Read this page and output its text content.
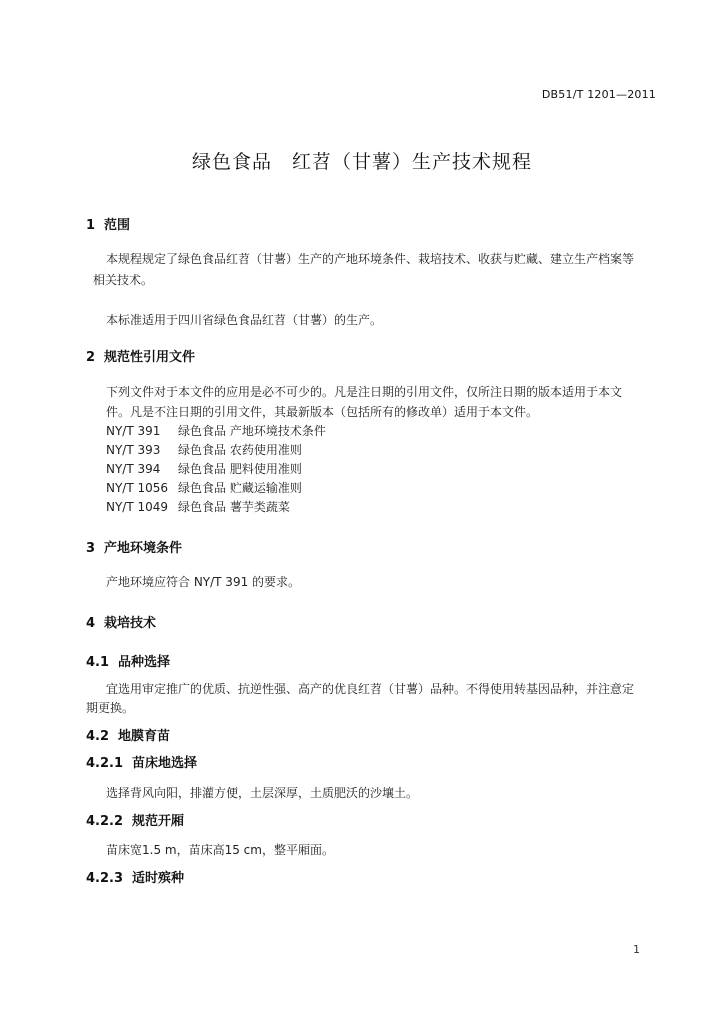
DB51/T 1201—2011
绿色食品　红苕（甘薯）生产技术规程
1 范围
本规程规定了绿色食品红苕（甘薯）生产的产地环境条件、栽培技术、收获与贮藏、建立生产档案等
相关技术。
本标准适用于四川省绿色食品红苕（甘薯）的生产。
2 规范性引用文件
下列文件对于本文件的应用是必不可少的。凡是注日期的引用文件，仅所注日期的版本适用于本文
件。凡是不注日期的引用文件，其最新版本（包括所有的修改单）适用于本文件。
NY/T 391 绿色食品 产地环境技术条件
NY/T 393 绿色食品 农药使用准则
NY/T 394 绿色食品 肥料使用准则
NY/T 1056 绿色食品 贮藏运输准则
NY/T 1049 绿色食品 薯芋类蔬菜
3 产地环境条件
产地环境应符合 NY/T 391 的要求。
4 栽培技术
4.1 品种选择
宜选用审定推广的优质、抗逆性强、高产的优良红苕（甘薯）品种。不得使用转基因品种，并注意定
期更换。
4.2 地膜育苗
4.2.1 苗床地选择
选择背风向阳，排灌方便，土层深厚，土质肥沃的沙壤土。
4.2.2 规范开厢
苗床宽1.5 m，苗床高15 cm，整平厢面。
4.2.3 适时殡种
1
